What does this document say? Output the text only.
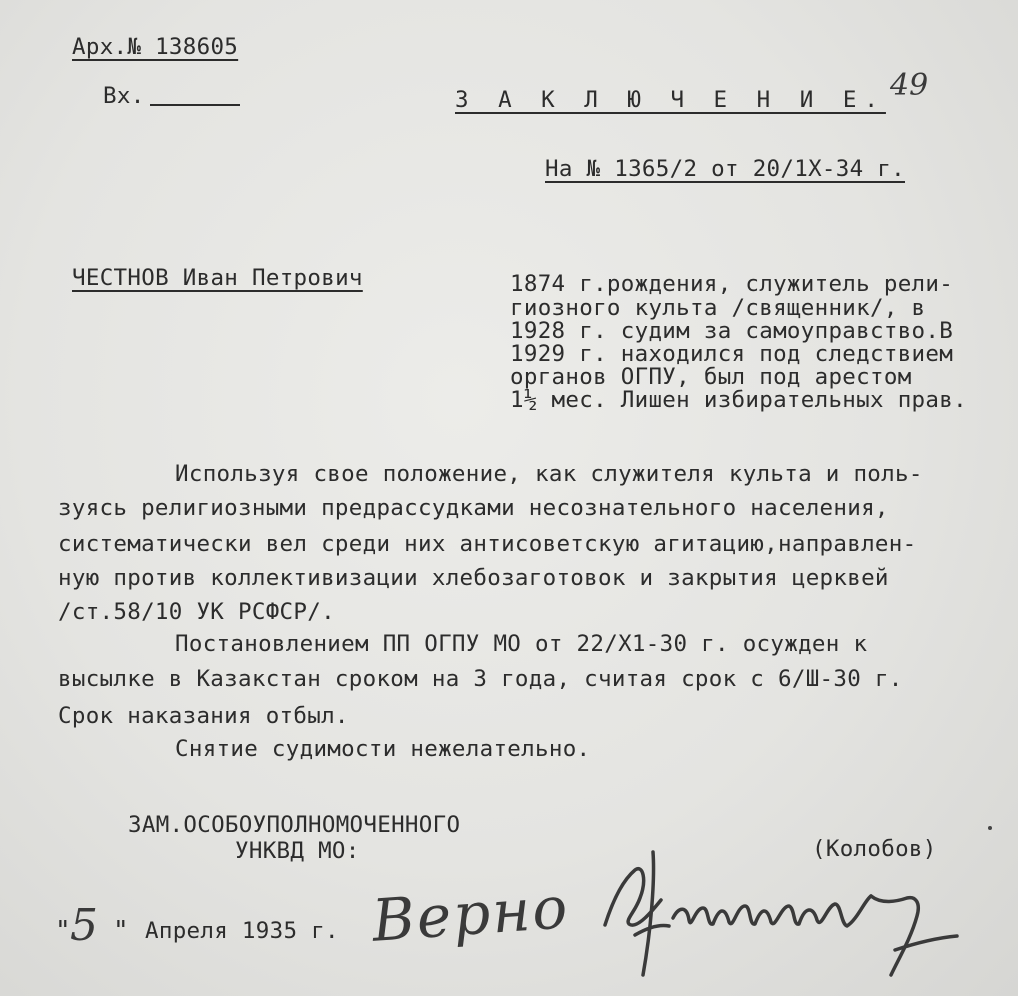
Арх.№ 138605
Вх.	З А К Л Ю Ч Е Н И Е. 49
На № 1365/2 от 20/1Х-34 г.
ЧЕСТНОВ Иван Петрович	1874 г.рождения, служитель рели-
гиозного культа /священник/, в
1928 г. судим за самоуправство.В
1929 г. находился под следствием
органов ОГПУ, был под арестом
1½ мес. Лишен избирательных прав.
Используя свое положение, как служителя культа и поль-
зуясь религиозными предрассудками несознательного населения,
систематически вел среди них антисоветскую агитацию,направлен-
ную против коллективизации хлебозаготовок и закрытия церквей
/ст.58/10 УК РСФСР/.
Постановлением ПП ОГПУ МО от 22/Х1-30 г. осужден к
высылке в Казакстан сроком на 3 года, считая срок с 6/Ш-30 г.
Срок наказания отбыл.
Снятие судимости нежелательно.
ЗАМ.ОСОБОУПОЛНОМОЧЕННОГО
УНКВД МО:	(Колобов)
" 5 " Апреля 1935 г. Верно
